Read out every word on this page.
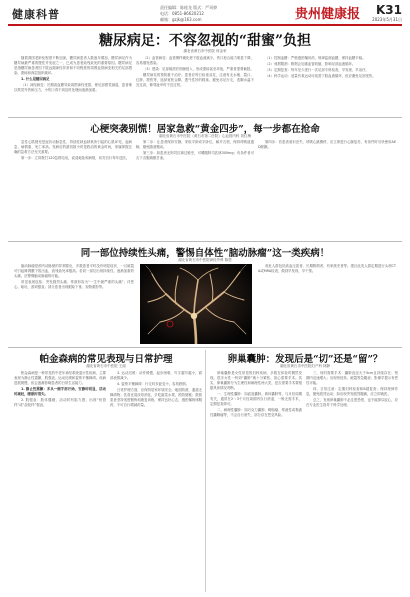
健康科普
责任编辑：陈桂龙 版式：严珂婷
电话：0851-86620212
邮箱：gzjk@163.com	贵州健康报 K31
2023年5月31日
糖尿病足：不容忽视的“甜蜜”负担
湖北省黄石市中医院 何金荣

随着我国老龄化程度不断加深，糖尿病患者人数逐年增加，糖尿病足作为糖尿病最严重的慢性并发症之一，已成为患者致残致死的重要原因。糖尿病足是指糖尿病患者因下肢远端神经异常和不同程度的周围血管病变相关的足部感染、溃疡和深层组织破坏。

1. 什么是糖尿病足

（1）神经病变：长期高血糖导致周围神经受损，使足部感觉减退，患者难以察觉外伤和压力，小伤口得不到及时处理而逐渐加重。

（2）血管病变：血管粥样硬化使下肢血流减少，伤口愈合能力明显下降，容易继发感染。

（3）感染：足部破溃后细菌侵入，形成溃疡甚至坏疽，严重者需要截肢。

糖尿病足的预防重于治疗。患者应每日检查双足，注意有无水疱、裂口、红肿、擦伤等，选择宽松合脚、透气性好的鞋袜，避免赤足行走，洗脚水温不宜过高，修剪趾甲时不宜过短。

（1）控制血糖：严格遵医嘱用药，规律监测血糖，保持血糖平稳。

（2）戒烟限酒：吸烟会加重血管收缩，影响足部血液循环。

（3）定期复查：每年至少进行一次足部专科检查，早发现、早治疗。

（4）科学运动：适量有氧运动可改善下肢血液循环，但应避免足部受伤。

心梗突袭别慌！居家急救“黄金四步”，每一步都在抢命
湖北省黄石市中医院（黄石市第二医院）心血管内科 刘红梅

急性心肌梗死是冠状动脉急性、持续性缺血缺氧所引起的心肌坏死，起病急、病情重、死亡率高。发病后的最初数小时是救治的黄金时间，家属掌握正确的急救方法至关重要。

第一步：立即拨打120急救电话，说清地址和病情，切勿自行驾车送医。

第二步：让患者保持安静，采取平卧或半卧位，解开衣领，保持呼吸道通畅，避免随意搬动。

第三步：如患者无阿司匹林过敏史，可嚼服阿司匹林300mg；有条件者可舌下含服硝酸甘油。

第四步：若患者意识丧失、呼吸心跳骤停，应立即进行心肺复苏，有条件时尽快使用AED除颤。

同一部位持续性头痛，警惕自体性“脑动脉瘤”这一类疾病！
湖北省黄石市中医院神经外科 陈思

脑动脉瘤是颅内动脉壁的异常膨出，多数患者平时没有明显症状，一旦破裂可引起蛛网膜下腔出血，致残致死率极高。若同一部位出现持续性、逐渐加重的头痛，应警惕脑动脉瘤的可能。

常见表现包括：突发剧烈头痛，常被形容为“一生中最严重的头痛”；伴恶心、呕吐、颈项强直；部分患者出现眼睑下垂、视物重影等。

高危人群包括高血压患者、长期吸烟者、有家族史者等。建议此类人群定期进行头颅CTA或MRA检查，做到早发现、早干预。

帕金森病的常见表现与日常护理
湖北省黄石市中医院 王丽

帕金森病是一种常见的中老年神经系统退行性疾病，主要表现为静止性震颤、肌强直、运动迟缓和姿势平衡障碍。疾病进展缓慢，但会逐渐影响患者的日常生活能力。

1. 静止性震颤：多从一侧手部开始，安静时明显，活动时减轻，睡眠时消失。

2. 肌强直：肢体僵硬，活动时有阻力感，出现“铅管样”或“齿轮样”强直。

3. 运动迟缓：动作缓慢，起步困难，写字越写越小，面部表情减少。

4. 姿势平衡障碍：行走时步距变小，容易跌倒。

日常护理方面，应保持居家环境安全，地面防滑，通道无障碍物；饮食宜清淡易消化，多吃蔬菜水果，预防便秘；鼓励患者坚持适度锻炼和康复训练，保持良好心态，遵医嘱规律服药，不可自行增减药量。

卵巢囊肿：发现后是“切”还是“留”？
湖北省黄石市中医院妇产科 林静

卵巢囊肿是女性常见的妇科疾病，多数在体检时偶然发现。很多女性一听到“囊肿”就十分紧张，担心需要手术。其实，卵巢囊肿分为生理性和病理性两大类，是否需要手术要根据具体情况判断。

一、生理性囊肿：如滤泡囊肿、黄体囊肿等，与月经周期有关，通常在2～3个月经周期内自行消退，一般无需手术，定期复查即可。

二、病理性囊肿：如巧克力囊肿、畸胎瘤、浆液性或黏液性囊腺瘤等，不会自行消失，部分存在恶变风险。

三、何时需要手术：囊肿直径大于5cm且持续存在；短期内迅速增大；出现蒂扭转、破裂等急腹症；影像学提示有恶性可能。

四、日常注意：定期妇科检查和B超复查；保持规律作息，避免剧烈运动；如出现突发剧烈腹痛，应立即就医。

总之，发现卵巢囊肿不必过度恐慌，也不能掉以轻心，应在专业医生指导下科学处理。
